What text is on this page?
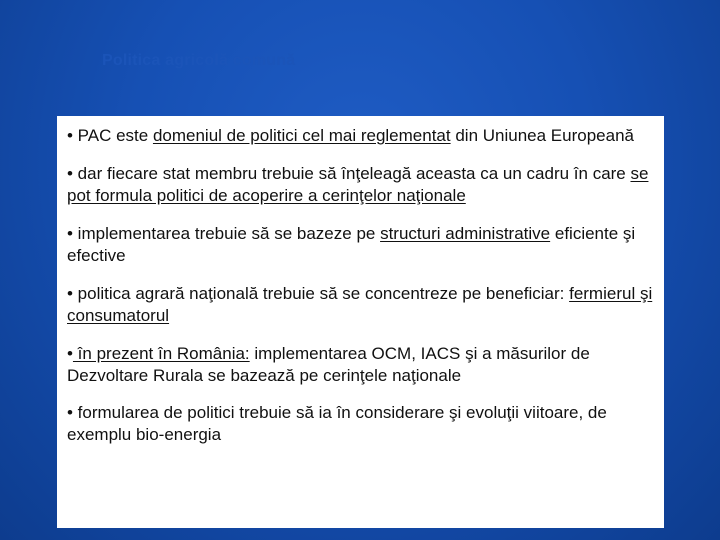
Politica agricolă comună

• PAC este domeniul de politici cel mai reglementat din Uniunea Europeană

• dar fiecare stat membru trebuie să înţeleagă aceasta ca un cadru în care se pot formula politici de acoperire a cerinţelor naţionale

• implementarea trebuie să se bazeze pe structuri administrative eficiente şi efective

• politica agrară naţională trebuie să se concentreze pe beneficiar: fermierul şi consumatorul

• în prezent în România: implementarea OCM, IACS şi a măsurilor de Dezvoltare Rurala se bazează pe cerinţele naţionale

• formularea de politici trebuie să ia în considerare şi evoluţii viitoare, de exemplu bio-energia
